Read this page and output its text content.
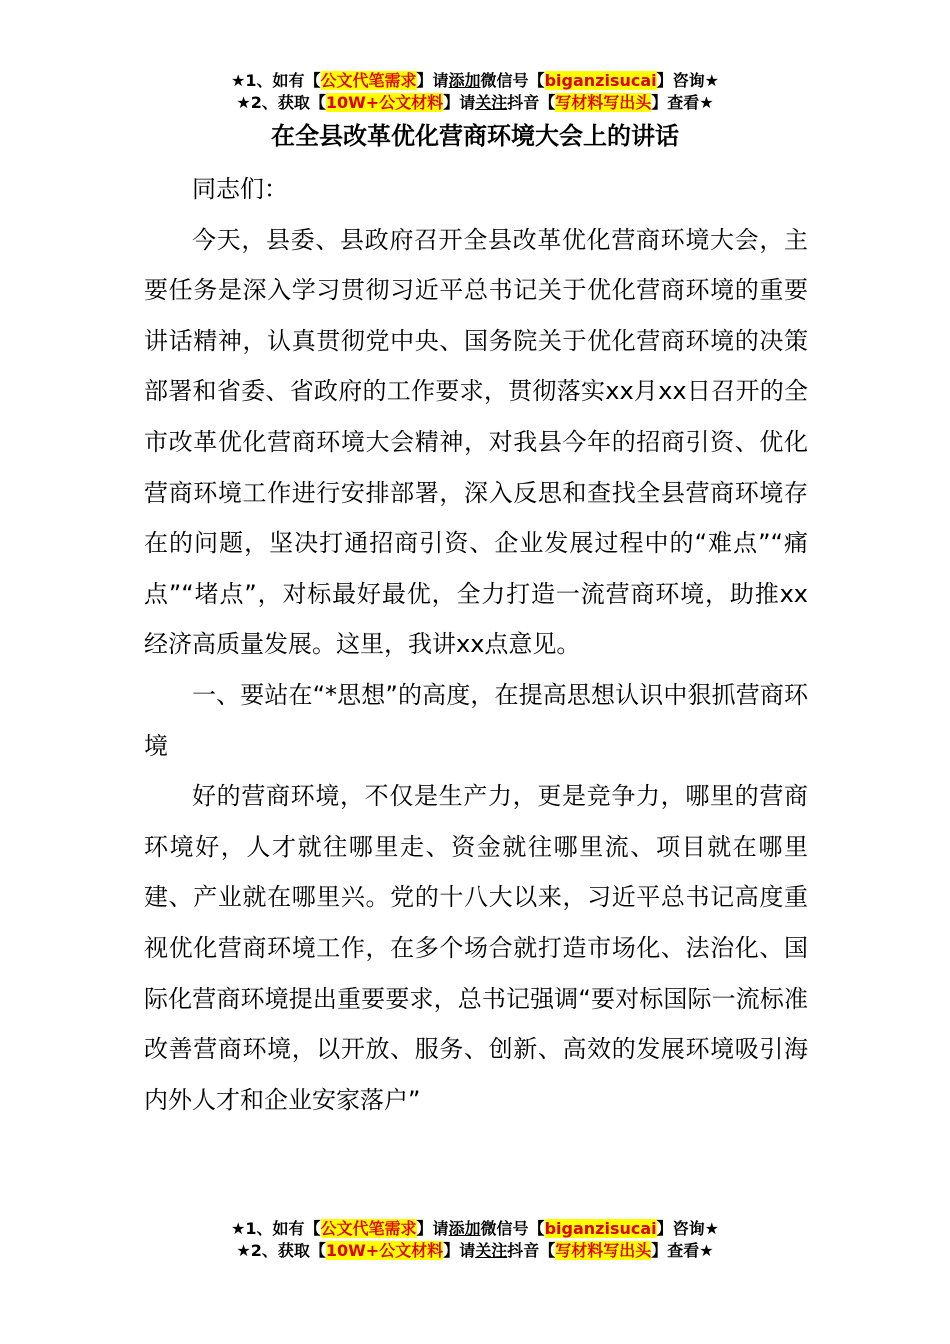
★1、如有【公文代笔需求】请添加微信号【biganzisucai】咨询★
★2、获取【10W+公文材料】请关注抖音【写材料写出头】查看★
在全县改革优化营商环境大会上的讲话

同志们：

今天，县委、县政府召开全县改革优化营商环境大会，主要任务是深入学习贯彻习近平总书记关于优化营商环境的重要讲话精神，认真贯彻党中央、国务院关于优化营商环境的决策部署和省委、省政府的工作要求，贯彻落实xx月xx日召开的全市改革优化营商环境大会精神，对我县今年的招商引资、优化营商环境工作进行安排部署，深入反思和查找全县营商环境存在的问题，坚决打通招商引资、企业发展过程中的“难点”“痛点”“堵点”，对标最好最优，全力打造一流营商环境，助推xx经济高质量发展。这里，我讲xx点意见。

一、要站在“*思想”的高度，在提高思想认识中狠抓营商环境

好的营商环境，不仅是生产力，更是竞争力，哪里的营商环境好，人才就往哪里走、资金就往哪里流、项目就在哪里建、产业就在哪里兴。党的十八大以来，习近平总书记高度重视优化营商环境工作，在多个场合就打造市场化、法治化、国际化营商环境提出重要要求，总书记强调“要对标国际一流标准改善营商环境，以开放、服务、创新、高效的发展环境吸引海内外人才和企业安家落户”

★1、如有【公文代笔需求】请添加微信号【biganzisucai】咨询★
★2、获取【10W+公文材料】请关注抖音【写材料写出头】查看★
